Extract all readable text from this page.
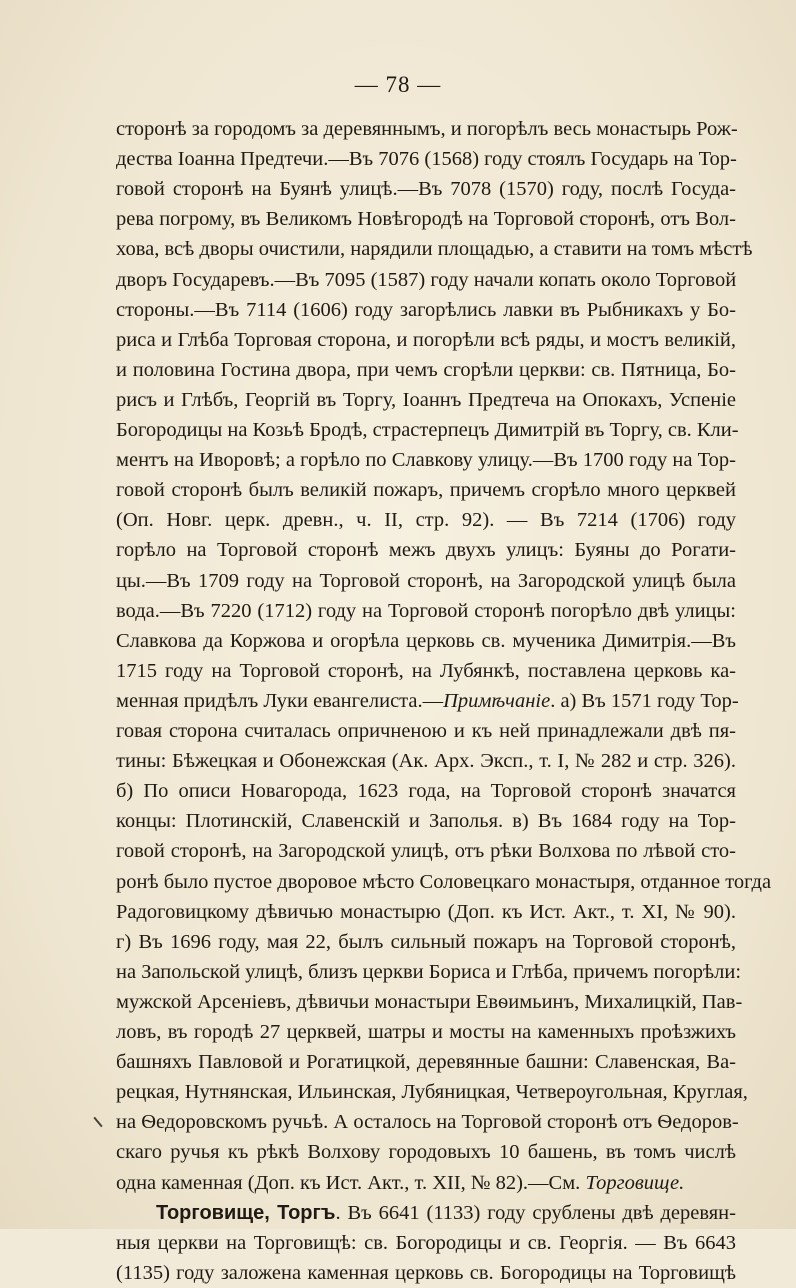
— 78 —
сторонѣ за городомъ за деревяннымъ, и погорѣлъ весь монастырь Рож-
дества Іоанна Предтечи.—Въ 7076 (1568) году стоялъ Государь на Тор-
говой сторонѣ на Буянѣ улицѣ.—Въ 7078 (1570) году, послѣ Госуда-
рева погрому, въ Великомъ Новѣгородѣ на Торговой сторонѣ, отъ Вол-
хова, всѣ дворы очистили, нарядили площадью, а ставити на томъ мѣстѣ
дворъ Государевъ.—Въ 7095 (1587) году начали копать около Торговой
стороны.—Въ 7114 (1606) году загорѣлись лавки въ Рыбникахъ у Бо-
риса и Глѣба Торговая сторона, и погорѣли всѣ ряды, и мостъ великій,
и половина Гостина двора, при чемъ сгорѣли церкви: св. Пятница, Бо-
рисъ и Глѣбъ, Георгій въ Торгу, Іоаннъ Предтеча на Опокахъ, Успеніе
Богородицы на Козьѣ Бродѣ, страстерпецъ Димитрій въ Торгу, св. Кли-
ментъ на Иворовѣ; а горѣло по Славкову улицу.—Въ 1700 году на Тор-
говой сторонѣ былъ великій пожаръ, причемъ сгорѣло много церквей
(Оп. Новг. церк. древн., ч. II, стр. 92). — Въ 7214 (1706) году
горѣло на Торговой сторонѣ межъ двухъ улицъ: Буяны до Рогати-
цы.—Въ 1709 году на Торговой сторонѣ, на Загородской улицѣ была
вода.—Въ 7220 (1712) году на Торговой сторонѣ погорѣло двѣ улицы:
Славкова да Коржова и огорѣла церковь св. мученика Димитрія.—Въ
1715 году на Торговой сторонѣ, на Лубянкѣ, поставлена церковь ка-
менная придѣлъ Луки евангелиста.—Примѣчаніе. а) Въ 1571 году Тор-
говая сторона считалась опричненою и къ ней принадлежали двѣ пя-
тины: Бѣжецкая и Обонежская (Ак. Арх. Эксп., т. I, № 282 и стр. 326).
б) По описи Новагорода, 1623 года, на Торговой сторонѣ значатся
концы: Плотинскій, Славенскій и Заполья. в) Въ 1684 году на Тор-
говой сторонѣ, на Загородской улицѣ, отъ рѣки Волхова по лѣвой сто-
ронѣ было пустое дворовое мѣсто Соловецкаго монастыря, отданное тогда
Радоговицкому дѣвичью монастырю (Доп. къ Ист. Акт., т. XI, № 90).
г) Въ 1696 году, мая 22, былъ сильный пожаръ на Торговой сторонѣ,
на Запольской улицѣ, близъ церкви Бориса и Глѣба, причемъ погорѣли:
мужской Арсеніевъ, дѣвичьи монастыри Евѳимьинъ, Михалицкій, Пав-
ловъ, въ городѣ 27 церквей, шатры и мосты на каменныхъ проѣзжихъ
башняхъ Павловой и Рогатицкой, деревянные башни: Славенская, Ва-
рецкая, Нутнянская, Ильинская, Лубяницкая, Четвероугольная, Круглая,
на Ѳедоровскомъ ручьѣ. А осталось на Торговой сторонѣ отъ Ѳедоров-
скаго ручья къ рѣкѣ Волхову городовыхъ 10 башень, въ томъ числѣ
одна каменная (Доп. къ Ист. Акт., т. XII, № 82).—См. Торговище.
Торговище, Торгъ. Въ 6641 (1133) году срублены двѣ деревян-
ныя церкви на Торговищѣ: св. Богородицы и св. Георгія. — Въ 6643
(1135) году заложена каменная церковь св. Богородицы на Торговищѣ
